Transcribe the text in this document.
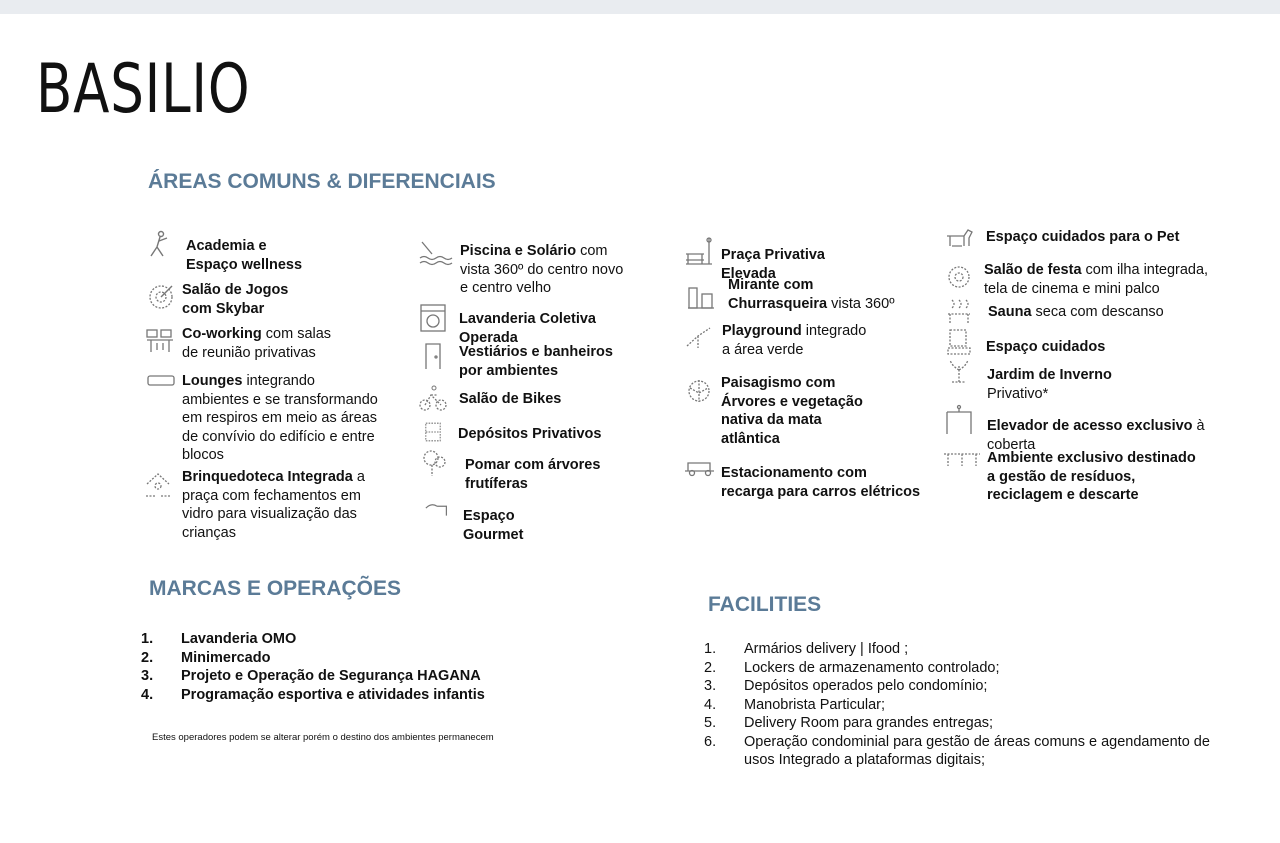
BASILIO
ÁREAS COMUNS & DIFERENCIAIS
Academia e
Espaço wellness
Salão de Jogos
com Skybar
Co-working com salas
de reunião privativas
Lounges integrando
ambientes e se transformando
em respiros em meio as áreas
de convívio do edifício e entre
blocos
Brinquedoteca Integrada a
praça com fechamentos em
vidro para visualização das
crianças
Piscina e Solário com
vista 360º do centro novo
e centro velho
Lavanderia Coletiva
Operada
Vestiários e banheiros
por ambientes
Salão de Bikes
Depósitos Privativos
Pomar com árvores
frutíferas
Espaço
Gourmet
Praça Privativa
Elevada
Mirante com
Churrasqueira vista 360º
Playground integrado
a área verde
Paisagismo com
Árvores e vegetação
nativa da mata
atlântica
Estacionamento com
recarga para carros elétricos
Espaço cuidados para o Pet
Salão de festa com ilha integrada,
tela de cinema e mini palco
Sauna seca com descanso
Espaço cuidados
Jardim de Inverno
Privativo*
Elevador de acesso exclusivo à
coberta
Ambiente exclusivo destinado
a gestão de resíduos,
reciclagem e descarte
MARCAS E OPERAÇÕES
1.	Lavanderia OMO
2.	Minimercado
3.	Projeto e Operação de Segurança HAGANA
4.	Programação esportiva e atividades infantis
Estes operadores podem se alterar porém o destino dos ambientes permanecem
FACILITIES
1.	Armários delivery | Ifood ;
2.	Lockers de armazenamento controlado;
3.	Depósitos operados pelo condomínio;
4.	Manobrista Particular;
5.	Delivery Room para grandes entregas;
6.	Operação condominial para gestão de áreas comuns e agendamento de
usos Integrado a plataformas digitais;
